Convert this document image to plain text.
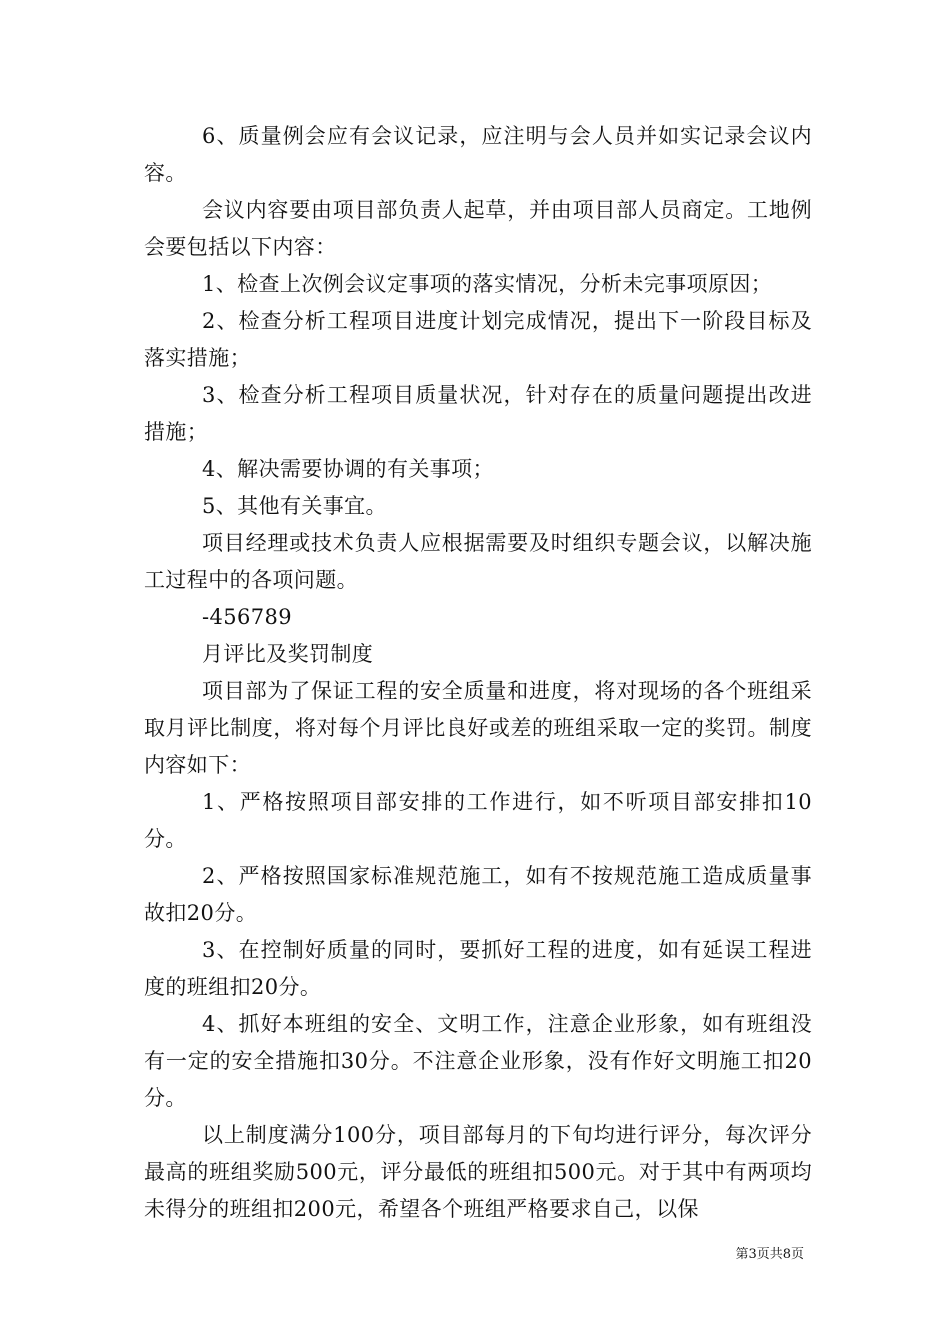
6、质量例会应有会议记录，应注明与会人员并如实记录会议内容。

会议内容要由项目部负责人起草，并由项目部人员商定。工地例会要包括以下内容：

1、检查上次例会议定事项的落实情况，分析未完事项原因；

2、检查分析工程项目进度计划完成情况，提出下一阶段目标及落实措施；

3、检查分析工程项目质量状况，针对存在的质量问题提出改进措施；

4、解决需要协调的有关事项；

5、其他有关事宜。

项目经理或技术负责人应根据需要及时组织专题会议，以解决施工过程中的各项问题。

-456789

月评比及奖罚制度

项目部为了保证工程的安全质量和进度，将对现场的各个班组采取月评比制度，将对每个月评比良好或差的班组采取一定的奖罚。制度内容如下：

1、严格按照项目部安排的工作进行，如不听项目部安排扣10分。

2、严格按照国家标准规范施工，如有不按规范施工造成质量事故扣20分。

3、在控制好质量的同时，要抓好工程的进度，如有延误工程进度的班组扣20分。

4、抓好本班组的安全、文明工作，注意企业形象，如有班组没有一定的安全措施扣30分。不注意企业形象，没有作好文明施工扣20分。

以上制度满分100分，项目部每月的下旬均进行评分，每次评分最高的班组奖励500元，评分最低的班组扣500元。对于其中有两项均未得分的班组扣200元，希望各个班组严格要求自己，以保

第3页共8页
